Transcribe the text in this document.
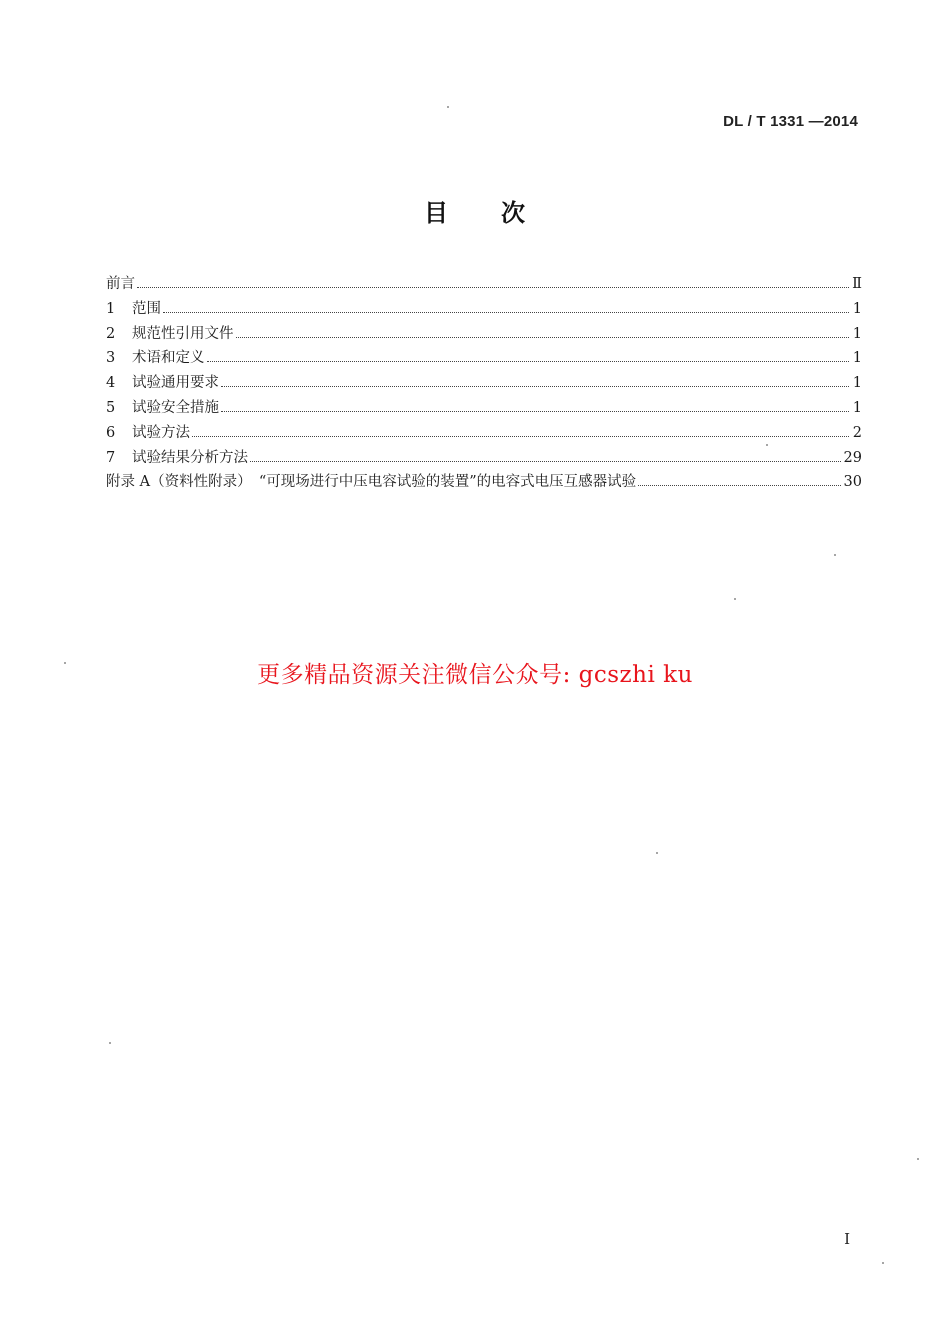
DL / T 1331 —2014
目 次
前言	Ⅱ
1	范围	1
2	规范性引用文件	1
3	术语和定义	1
4	试验通用要求	1
5	试验安全措施	1
6	试验方法	2
7	试验结果分析方法	29
附录 A（资料性附录）　“可现场进行中压电容试验的装置”的电容式电压互感器试验	30
更多精品资源关注微信公众号: gcszhi ku
I
